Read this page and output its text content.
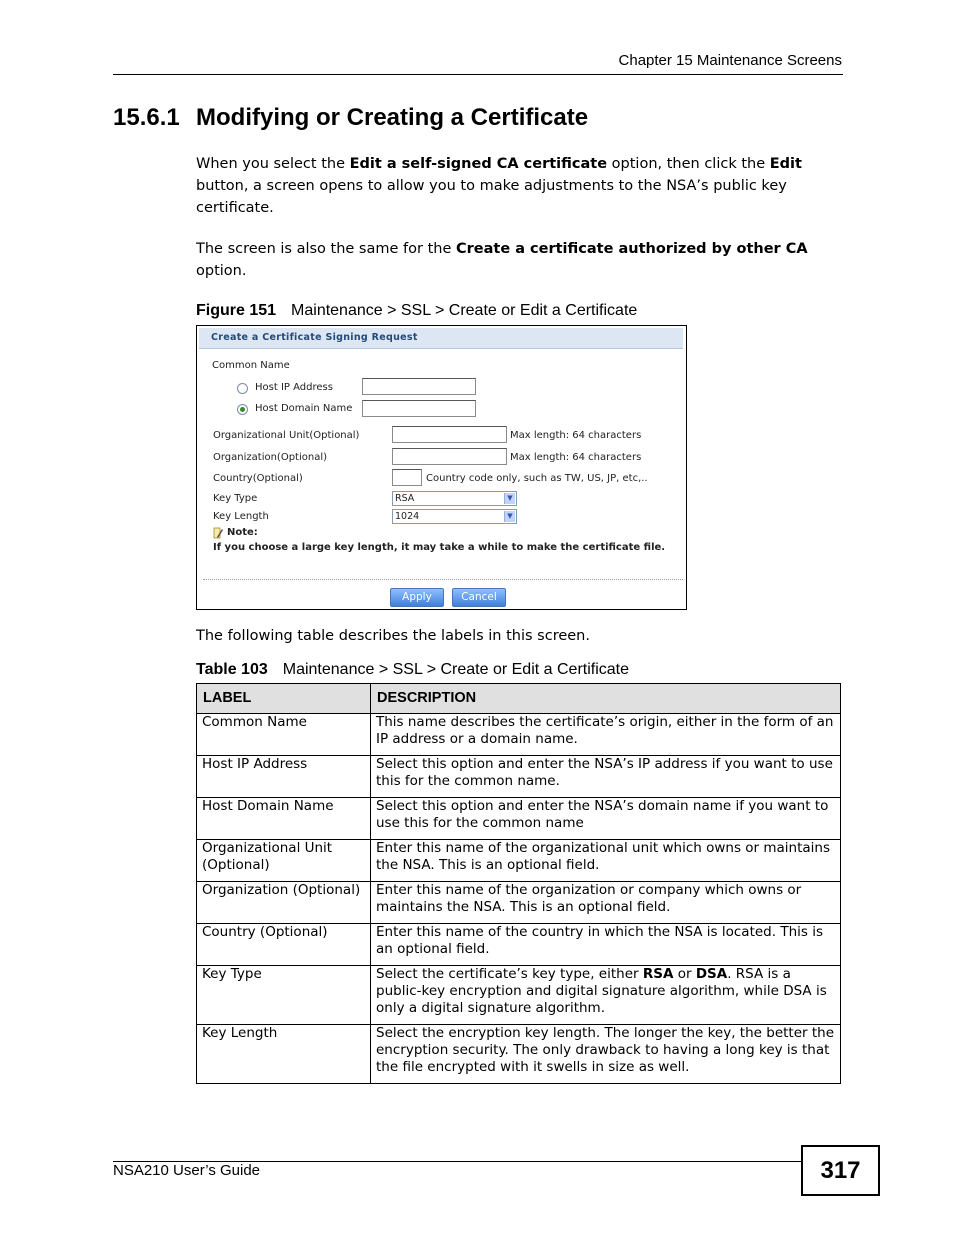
Chapter 15 Maintenance Screens
15.6.1 Modifying or Creating a Certificate
When you select the Edit a self-signed CA certificate option, then click the Edit button, a screen opens to allow you to make adjustments to the NSA’s public key certificate.
The screen is also the same for the Create a certificate authorized by other CA option.
Figure 151 Maintenance > SSL > Create or Edit a Certificate
Create a Certificate Signing Request
Common Name
Host IP Address
Host Domain Name
Organizational Unit(Optional)	Max length: 64 characters
Organization(Optional)	Max length: 64 characters
Country(Optional)	Country code only, such as TW, US, JP, etc,..
Key Type	RSA	▼
Key Length	1024	▼
Note:
If you choose a large key length, it may take a while to make the certificate file.
Apply	Cancel
The following table describes the labels in this screen.
Table 103 Maintenance > SSL > Create or Edit a Certificate
LABEL	DESCRIPTION
Common Name	This name describes the certificate’s origin, either in the form of an IP address or a domain name.
Host IP Address	Select this option and enter the NSA’s IP address if you want to use this for the common name.
Host Domain Name	Select this option and enter the NSA’s domain name if you want to use this for the common name
Organizational Unit (Optional)	Enter this name of the organizational unit which owns or maintains the NSA. This is an optional field.
Organization (Optional)	Enter this name of the organization or company which owns or maintains the NSA. This is an optional field.
Country (Optional)	Enter this name of the country in which the NSA is located. This is an optional field.
Key Type	Select the certificate’s key type, either RSA or DSA. RSA is a public-key encryption and digital signature algorithm, while DSA is only a digital signature algorithm.
Key Length	Select the encryption key length. The longer the key, the better the encryption security. The only drawback to having a long key is that the file encrypted with it swells in size as well.
NSA210 User’s Guide	317
